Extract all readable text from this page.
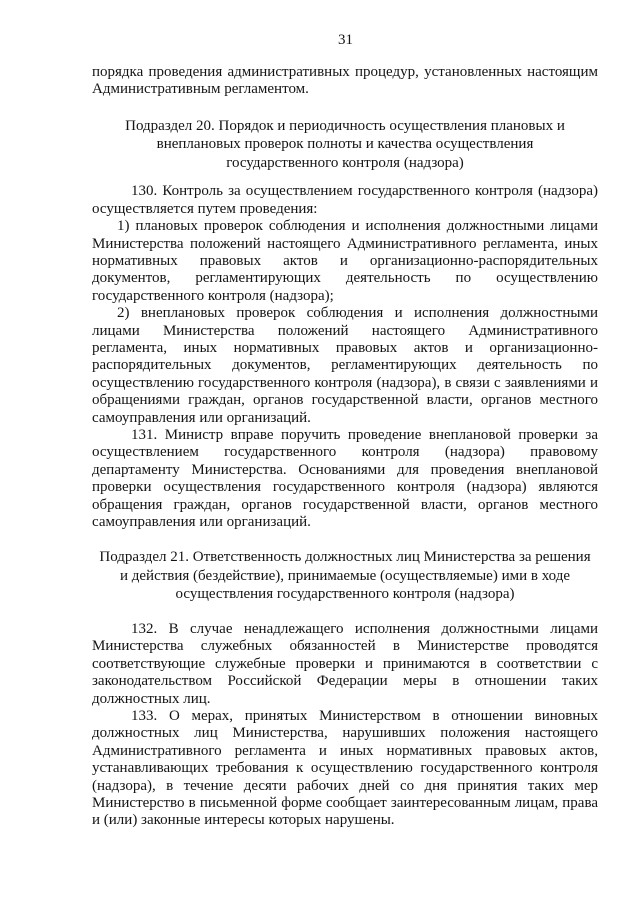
31

порядка проведения административных процедур, установленных настоящим Административным регламентом.

Подраздел 20. Порядок и периодичность осуществления плановых и
внеплановых проверок полноты и качества осуществления
государственного контроля (надзора)

130. Контроль за осуществлением государственного контроля (надзора) осуществляется путем проведения:

1) плановых проверок соблюдения и исполнения должностными лицами Министерства положений настоящего Административного регламента, иных нормативных правовых актов и организационно-распорядительных документов, регламентирующих деятельность по осуществлению государственного контроля (надзора);

2) внеплановых проверок соблюдения и исполнения должностными лицами Министерства положений настоящего Административного регламента, иных нормативных правовых актов и организационно-распорядительных документов, регламентирующих деятельность по осуществлению государственного контроля (надзора), в связи с заявлениями и обращениями граждан, органов государственной власти, органов местного самоуправления или организаций.

131. Министр вправе поручить проведение внеплановой проверки за осуществлением государственного контроля (надзора) правовому департаменту Министерства. Основаниями для проведения внеплановой проверки осуществления государственного контроля (надзора) являются обращения граждан, органов государственной власти, органов местного самоуправления или организаций.

Подраздел 21. Ответственность должностных лиц Министерства за решения
и действия (бездействие), принимаемые (осуществляемые) ими в ходе
осуществления государственного контроля (надзора)

132. В случае ненадлежащего исполнения должностными лицами Министерства служебных обязанностей в Министерстве проводятся соответствующие служебные проверки и принимаются в соответствии с законодательством Российской Федерации меры в отношении таких должностных лиц.

133. О мерах, принятых Министерством в отношении виновных должностных лиц Министерства, нарушивших положения настоящего Административного регламента и иных нормативных правовых актов, устанавливающих требования к осуществлению государственного контроля (надзора), в течение десяти рабочих дней со дня принятия таких мер Министерство в письменной форме сообщает заинтересованным лицам, права и (или) законные интересы которых нарушены.
